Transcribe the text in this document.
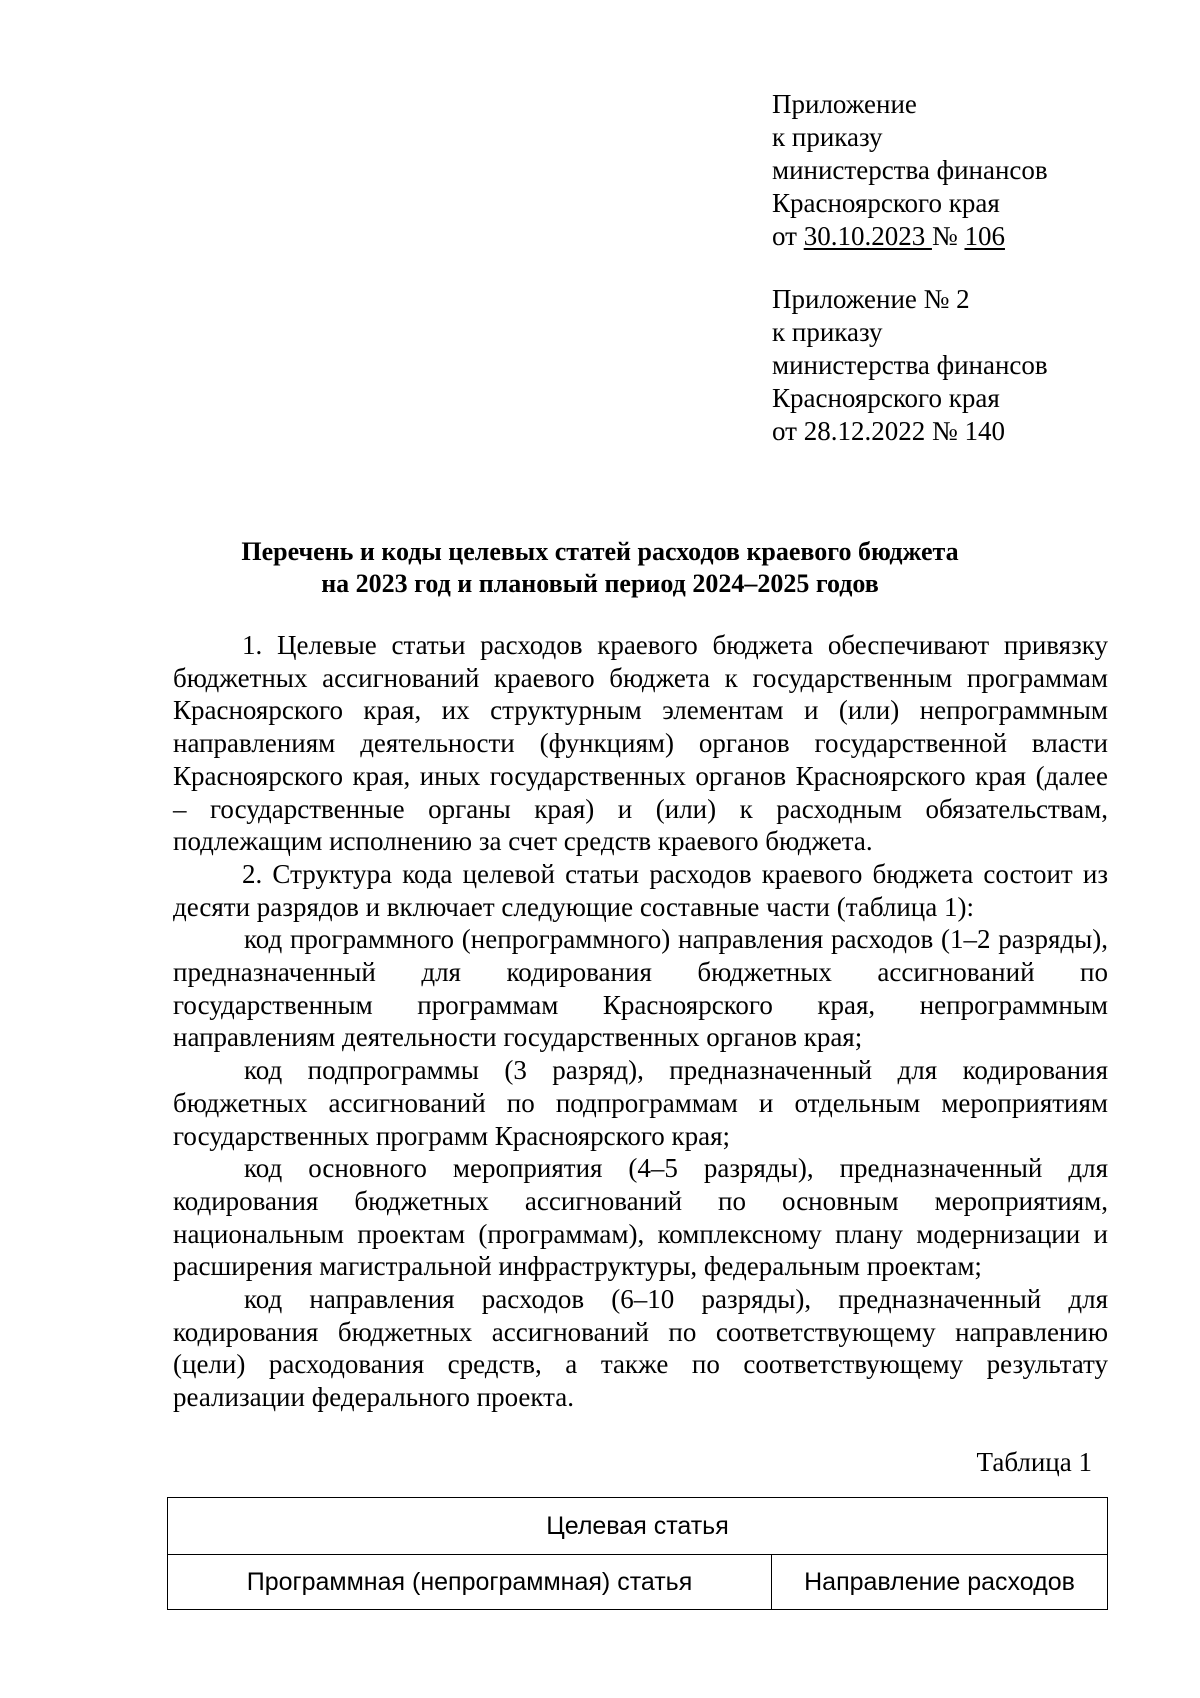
Приложение
к приказу
министерства финансов
Красноярского края
от 30.10.2023 № 106
Приложение № 2
к приказу
министерства финансов
Красноярского края
от 28.12.2022 № 140
Перечень и коды целевых статей расходов краевого бюджета
на 2023 год и плановый период 2024–2025 годов

1. Целевые статьи расходов краевого бюджета обеспечивают привязку бюджетных ассигнований краевого бюджета к государственным программам Красноярского края, их структурным элементам и (или) непрограммным направлениям деятельности (функциям) органов государственной власти Красноярского края, иных государственных органов Красноярского края (далее – государственные органы края) и (или) к расходным обязательствам, подлежащим исполнению за счет средств краевого бюджета.

2. Структура кода целевой статьи расходов краевого бюджета состоит из десяти разрядов и включает следующие составные части (таблица 1):

код программного (непрограммного) направления расходов (1–2 разряды), предназначенный для кодирования бюджетных ассигнований по государственным программам Красноярского края, непрограммным направлениям деятельности государственных органов края;

код подпрограммы (3 разряд), предназначенный для кодирования бюджетных ассигнований по подпрограммам и отдельным мероприятиям государственных программ Красноярского края;

код основного мероприятия (4–5 разряды), предназначенный для кодирования бюджетных ассигнований по основным мероприятиям, национальным проектам (программам), комплексному плану модернизации и расширения магистральной инфраструктуры, федеральным проектам;

код направления расходов (6–10 разряды), предназначенный для кодирования бюджетных ассигнований по соответствующему направлению (цели) расходования средств, а также по соответствующему результату реализации федерального проекта.

Таблица 1
Целевая статья
Программная (непрограммная) статья	Направление расходов
